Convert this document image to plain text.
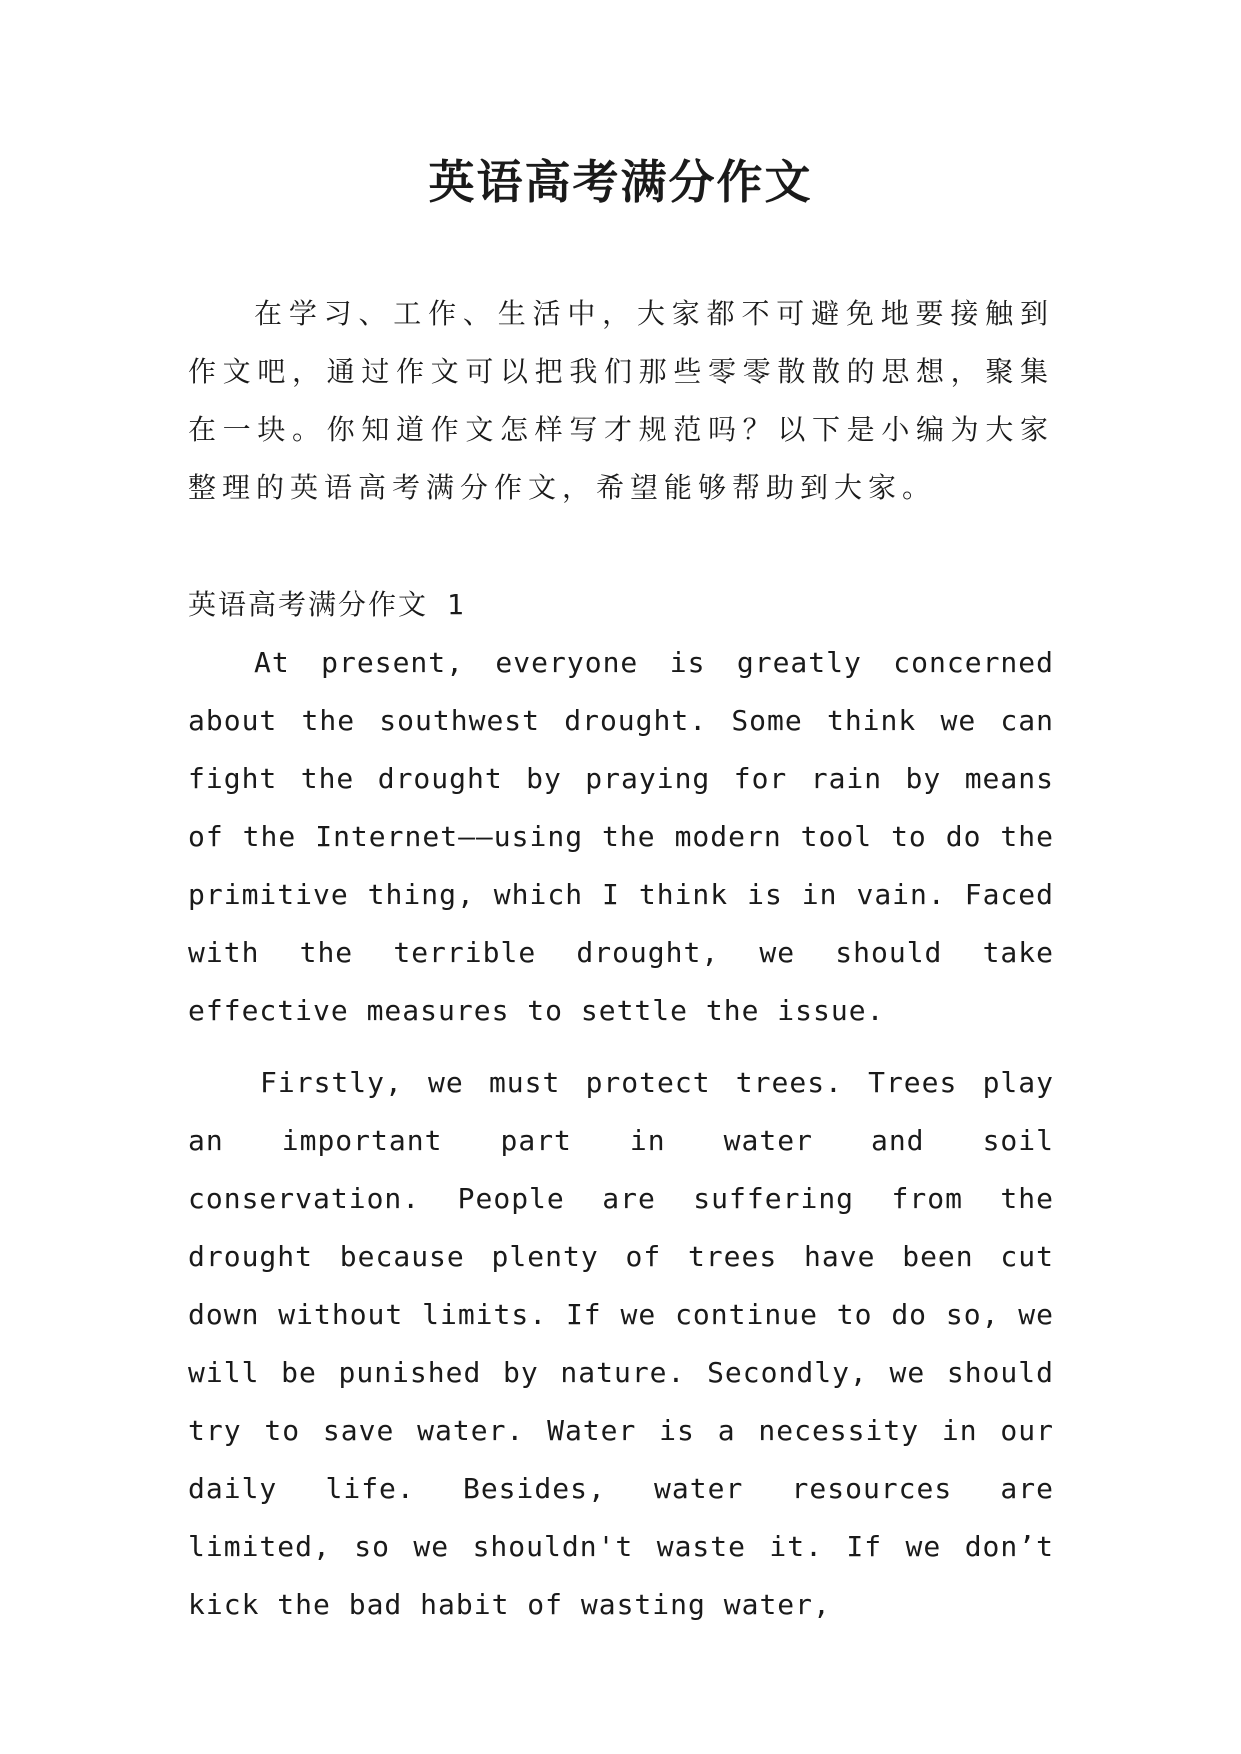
英语高考满分作文
在学习、工作、生活中，大家都不可避免地要接触到作文吧，通过作文可以把我们那些零零散散的思想，聚集在一块。你知道作文怎样写才规范吗？以下是小编为大家整理的英语高考满分作文，希望能够帮助到大家。
英语高考满分作文 1
At present, everyone is greatly concerned about the southwest drought. Some think we can fight the drought by praying for rain by means of the Internet——using the modern tool to do the primitive thing, which I think is in vain. Faced with the terrible drought, we should take effective measures to settle the issue.
Firstly, we must protect trees. Trees play an important part in water and soil conservation. People are suffering from the drought because plenty of trees have been cut down without limits. If we continue to do so, we will be punished by nature. Secondly, we should try to save water. Water is a necessity in our daily life. Besides, water resources are limited, so we shouldn't waste it. If we don’t kick the bad habit of wasting water,
